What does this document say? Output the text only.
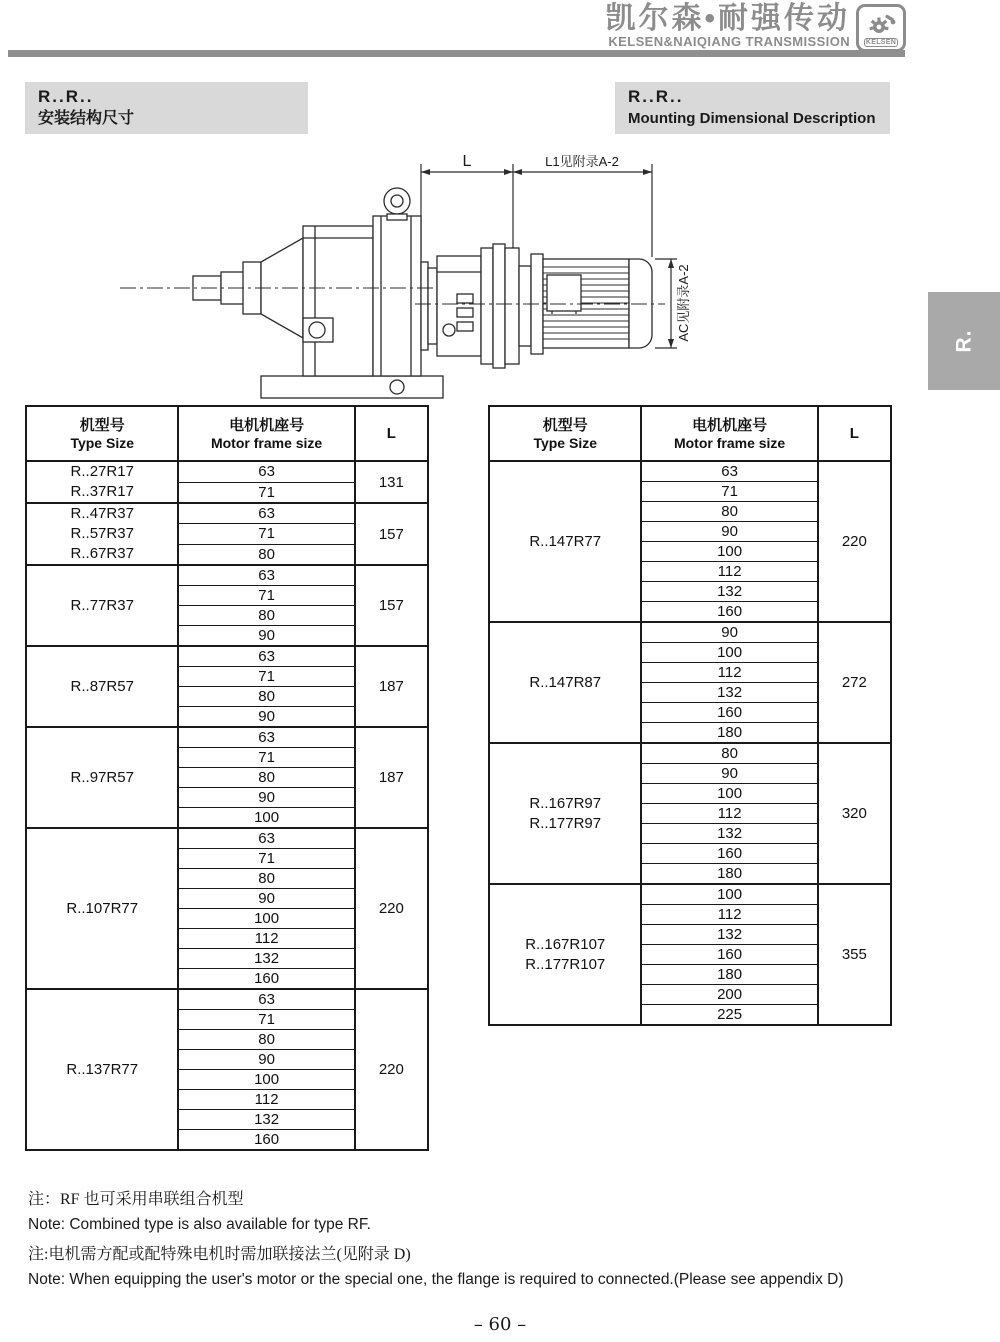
凯尔森•耐强传动
KELSEN&NAIQIANG TRANSMISSION KELSEN
R..R..
安装结构尺寸
R..R..
Mounting Dimensional Description
L	L1见附录A-2
AC见附录A-2	R.
机型号
Type Size

电机机座号
Motor frame size

L

R..27R17
R..37R17	63	131
	71	

R..47R37
R..57R37
R..67R37	63	157
	71	
	80	

R..77R37	63	157
	71	
	80	
	90	

R..87R57	63	187
	71	
	80	
	90	

R..97R57	63	187
	71	
	80	
	90	
	100	

R..107R77	63	220
	71	
	80	
	90	
	100	
	112	
	132	
	160	

R..137R77	63	220
	71	
	80	
	90	
	100	
	112	
	132	
	160	
机型号
Type Size

电机机座号
Motor frame size

L

R..147R77	63	220
	71	
	80	
	90	
	100	
	112	
	132	
	160	

R..147R87	90	272
	100	
	112	
	132	
	160	
	180	

R..167R97
R..177R97	80	320
	90	
	100	
	112	
	132	
	160	
	180	

R..167R107
R..177R107	100	355
	112	
	132	
	160	
	180	
	200	
	225	
注：RF 也可采用串联组合机型
Note: Combined type is also available for type RF.
注:电机需方配或配特殊电机时需加联接法兰(见附录 D)
Note: When equipping the user's motor or the special one, the flange is required to connected.(Please see appendix D)
– 60 –
